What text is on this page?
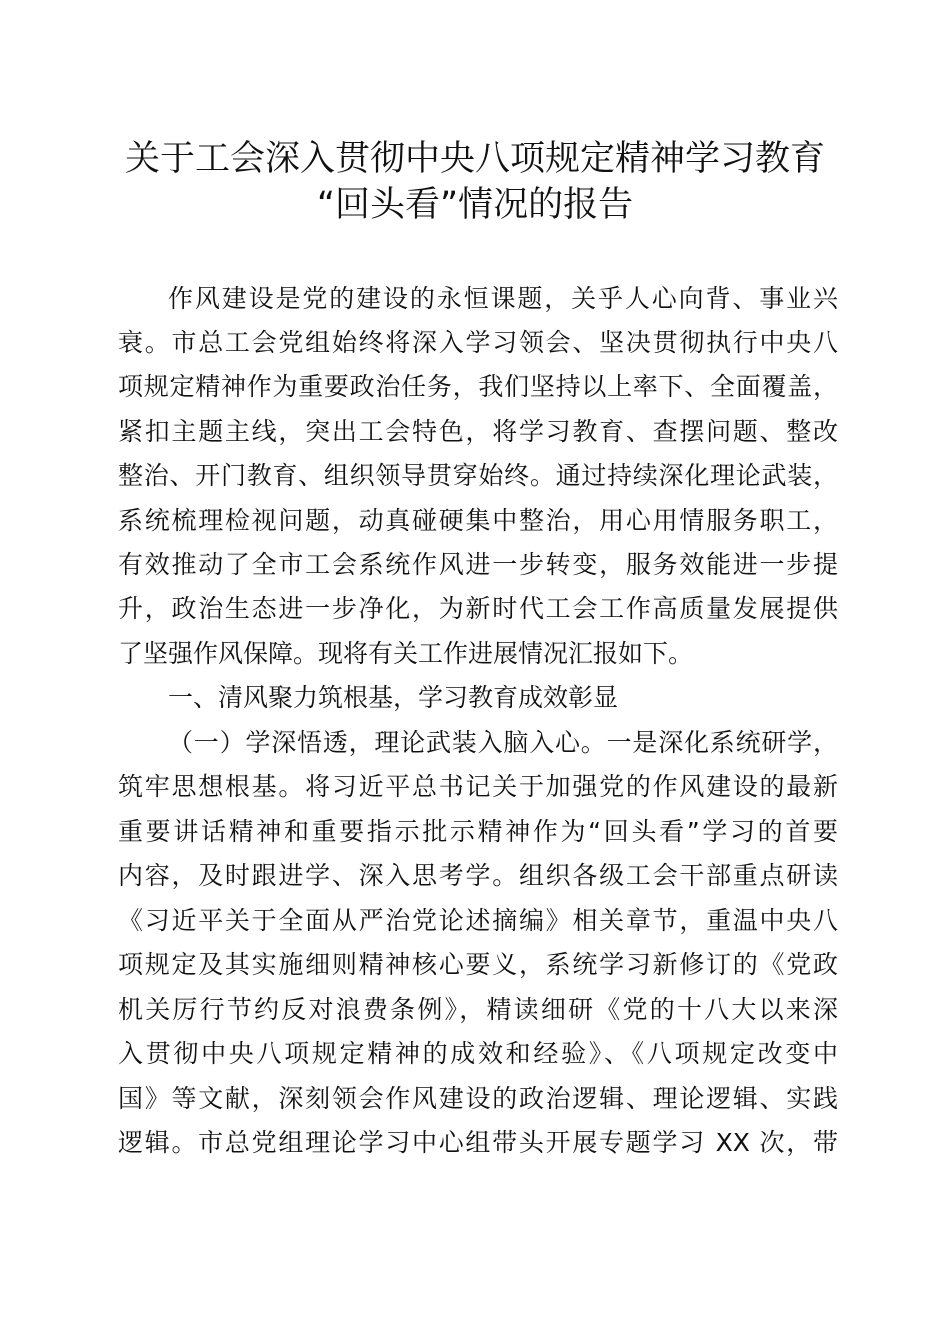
关于工会深入贯彻中央八项规定精神学习教育
“回头看”情况的报告
作风建设是党的建设的永恒课题，关乎人心向背、事业兴
衰。市总工会党组始终将深入学习领会、坚决贯彻执行中央八
项规定精神作为重要政治任务，我们坚持以上率下、全面覆盖，
紧扣主题主线，突出工会特色，将学习教育、查摆问题、整改
整治、开门教育、组织领导贯穿始终。通过持续深化理论武装，
系统梳理检视问题，动真碰硬集中整治，用心用情服务职工，
有效推动了全市工会系统作风进一步转变，服务效能进一步提
升，政治生态进一步净化，为新时代工会工作高质量发展提供
了坚强作风保障。现将有关工作进展情况汇报如下。
一、清风聚力筑根基，学习教育成效彰显
（一）学深悟透，理论武装入脑入心。一是深化系统研学，
筑牢思想根基。将习近平总书记关于加强党的作风建设的最新
重要讲话精神和重要指示批示精神作为“回头看”学习的首要
内容，及时跟进学、深入思考学。组织各级工会干部重点研读
《习近平关于全面从严治党论述摘编》相关章节，重温中央八
项规定及其实施细则精神核心要义，系统学习新修订的《党政
机关厉行节约反对浪费条例》，精读细研《党的十八大以来深
入贯彻中央八项规定精神的成效和经验》、《八项规定改变中
国》等文献，深刻领会作风建设的政治逻辑、理论逻辑、实践
逻辑。市总党组理论学习中心组带头开展专题学习 XX 次，带
